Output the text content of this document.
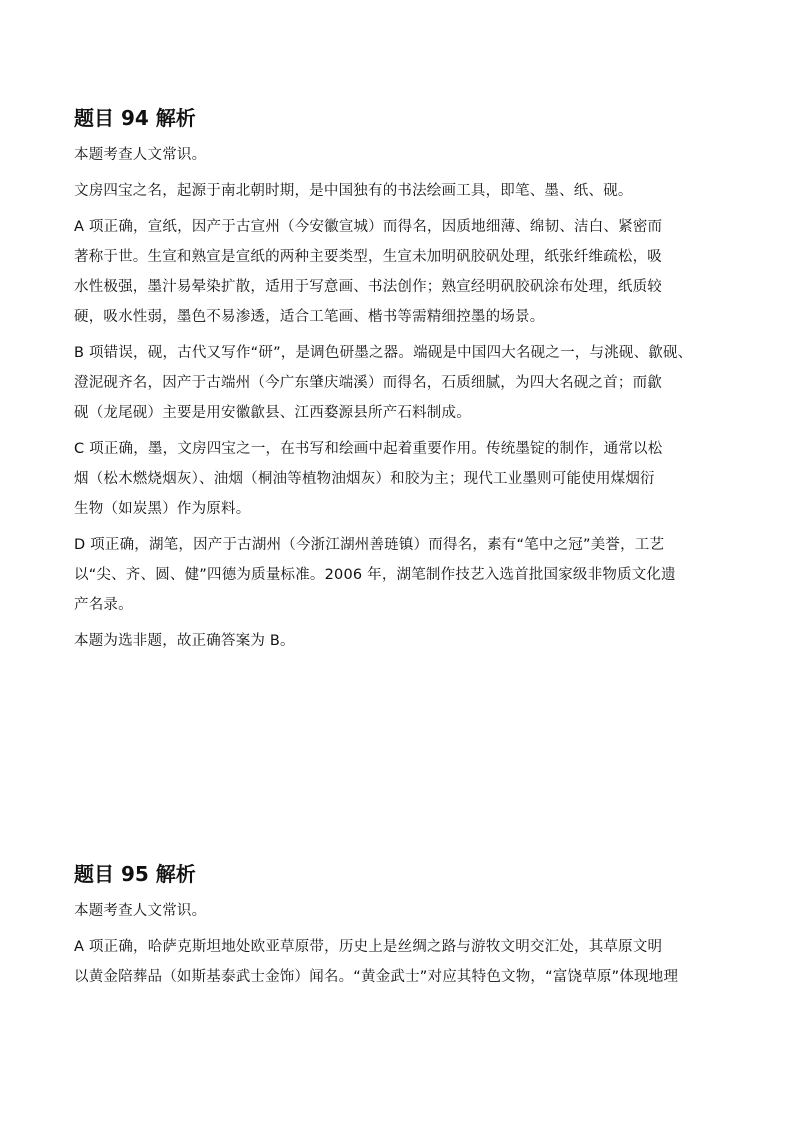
题目 94 解析
本题考查人文常识。
文房四宝之名，起源于南北朝时期，是中国独有的书法绘画工具，即笔、墨、纸、砚。
A 项正确，宣纸，因产于古宣州（今安徽宣城）而得名，因质地细薄、绵韧、洁白、紧密而
著称于世。生宣和熟宣是宣纸的两种主要类型，生宣未加明矾胶矾处理，纸张纤维疏松，吸
水性极强，墨汁易晕染扩散，适用于写意画、书法创作；熟宣经明矾胶矾涂布处理，纸质较
硬，吸水性弱，墨色不易渗透，适合工笔画、楷书等需精细控墨的场景。
B 项错误，砚，古代又写作“研”，是调色研墨之器。端砚是中国四大名砚之一，与洮砚、歙砚、
澄泥砚齐名，因产于古端州（今广东肇庆端溪）而得名，石质细腻，为四大名砚之首；而歙
砚（龙尾砚）主要是用安徽歙县、江西婺源县所产石料制成。
C 项正确，墨，文房四宝之一，在书写和绘画中起着重要作用。传统墨锭的制作，通常以松
烟（松木燃烧烟灰）、油烟（桐油等植物油烟灰）和胶为主；现代工业墨则可能使用煤烟衍
生物（如炭黑）作为原料。
D 项正确，湖笔，因产于古湖州（今浙江湖州善琏镇）而得名，素有“笔中之冠”美誉，工艺
以“尖、齐、圆、健”四德为质量标准。2006 年，湖笔制作技艺入选首批国家级非物质文化遗
产名录。
本题为选非题，故正确答案为 B。
题目 95 解析
本题考查人文常识。
A 项正确，哈萨克斯坦地处欧亚草原带，历史上是丝绸之路与游牧文明交汇处，其草原文明
以黄金陪葬品（如斯基泰武士金饰）闻名。“黄金武士”对应其特色文物，“富饶草原”体现地理
